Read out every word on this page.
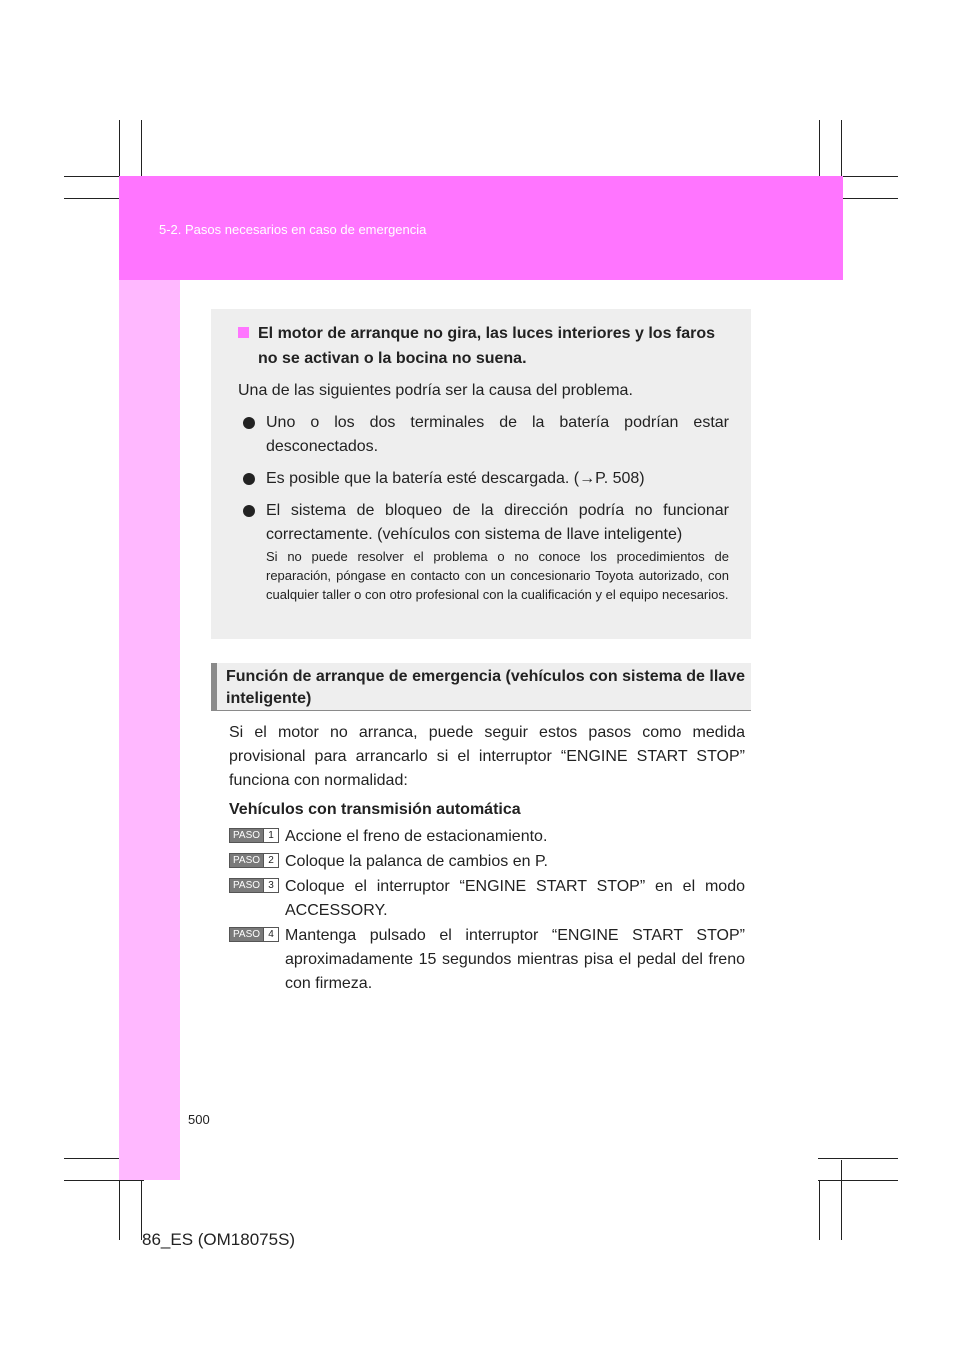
5-2. Pasos necesarios en caso de emergencia
El motor de arranque no gira, las luces interiores y los faros no se activan o la bocina no suena.

Una de las siguientes podría ser la causa del problema.

Uno o los dos terminales de la batería podrían estar desconectados.
Es posible que la batería esté descargada. (→P. 508)
El sistema de bloqueo de la dirección podría no funcionar correctamente. (vehículos con sistema de llave inteligente)

Si no puede resolver el problema o no conoce los procedimientos de reparación, póngase en contacto con un concesionario Toyota autorizado, con cualquier taller o con otro profesional con la cualificación y el equipo necesarios.

Función de arranque de emergencia (vehículos con sistema de llave inteligente)
Si el motor no arranca, puede seguir estos pasos como medida provisional para arrancarlo si el interruptor “ENGINE START STOP” funciona con normalidad:
Vehículos con transmisión automática
PASO 1 Accione el freno de estacionamiento.
PASO 2 Coloque la palanca de cambios en P.
PASO 3 Coloque el interruptor “ENGINE START STOP” en el modo ACCESSORY.
PASO 4 Mantenga pulsado el interruptor “ENGINE START STOP” aproximadamente 15 segundos mientras pisa el pedal del freno con firmeza.
500
86_ES (OM18075S)
